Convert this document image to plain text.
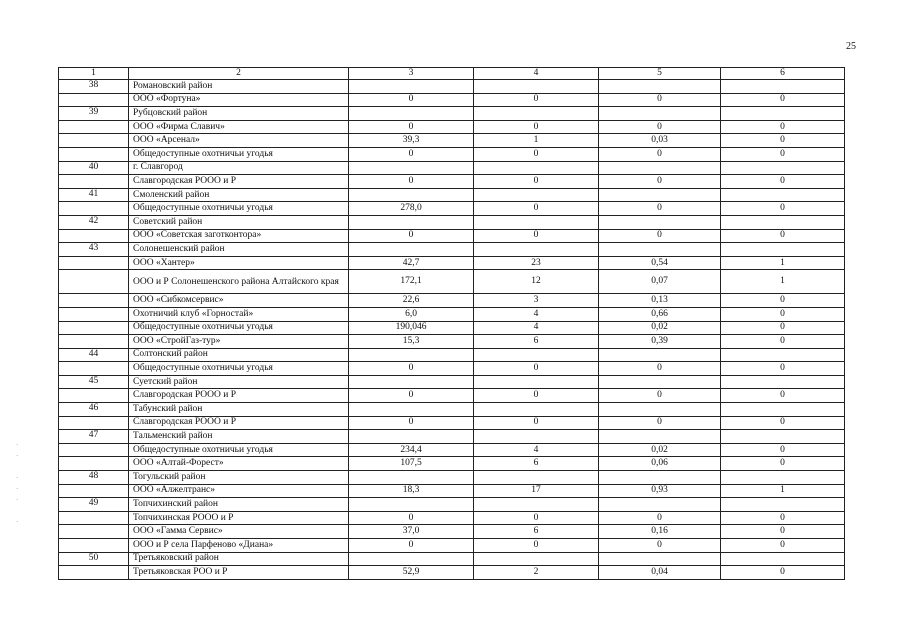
25
1	2	3	4	5	6
38	Романовский район				
	ООО «Фортуна»	0	0	0	0
39	Рубцовский район				
	ООО «Фирма Славич»	0	0	0	0
	ООО «Арсенал»	39,3	1	0,03	0
	Общедоступные охотничьи угодья	0	0	0	0
40	г. Славгород				
	Славгородская РООО и Р	0	0	0	0
41	Смоленский район				
	Общедоступные охотничьи угодья	278,0	0	0	0
42	Советский район				
	ООО «Советская заготконтора»	0	0	0	0
43	Солонешенский район				
	ООО «Хантер»	42,7	23	0,54	1
	ООО и Р Солонешенского района Алтайского края	172,1	12	0,07	1
	ООО «Сибкомсервис»	22,6	3	0,13	0
	Охотничий клуб «Горностай»	6,0	4	0,66	0
	Общедоступные охотничьи угодья	190,046	4	0,02	0
	ООО «СтройГаз-тур»	15,3	6	0,39	0
44	Солтонский район				
	Общедоступные охотничьи угодья	0	0	0	0
45	Суетский район				
	Славгородская РООО и Р	0	0	0	0
46	Табунский район				
	Славгородская РООО и Р	0	0	0	0
47	Тальменский район				
	Общедоступные охотничьи угодья	234,4	4	0,02	0
	ООО «Алтай-Форест»	107,5	6	0,06	0
48	Тогульский район				
	ООО «Алжелтранс»	18,3	17	0,93	1
49	Топчихинский район				
	Топчихинская РООО и Р	0	0	0	0
	ООО «Гамма Сервис»	37,0	6	0,16	0
	ООО и Р села Парфеново «Диана»	0	0	0	0
50	Третьяковский район				
	Третьяковская РОО и Р	52,9	2	0,04	0
·
·

·
·
·

·
